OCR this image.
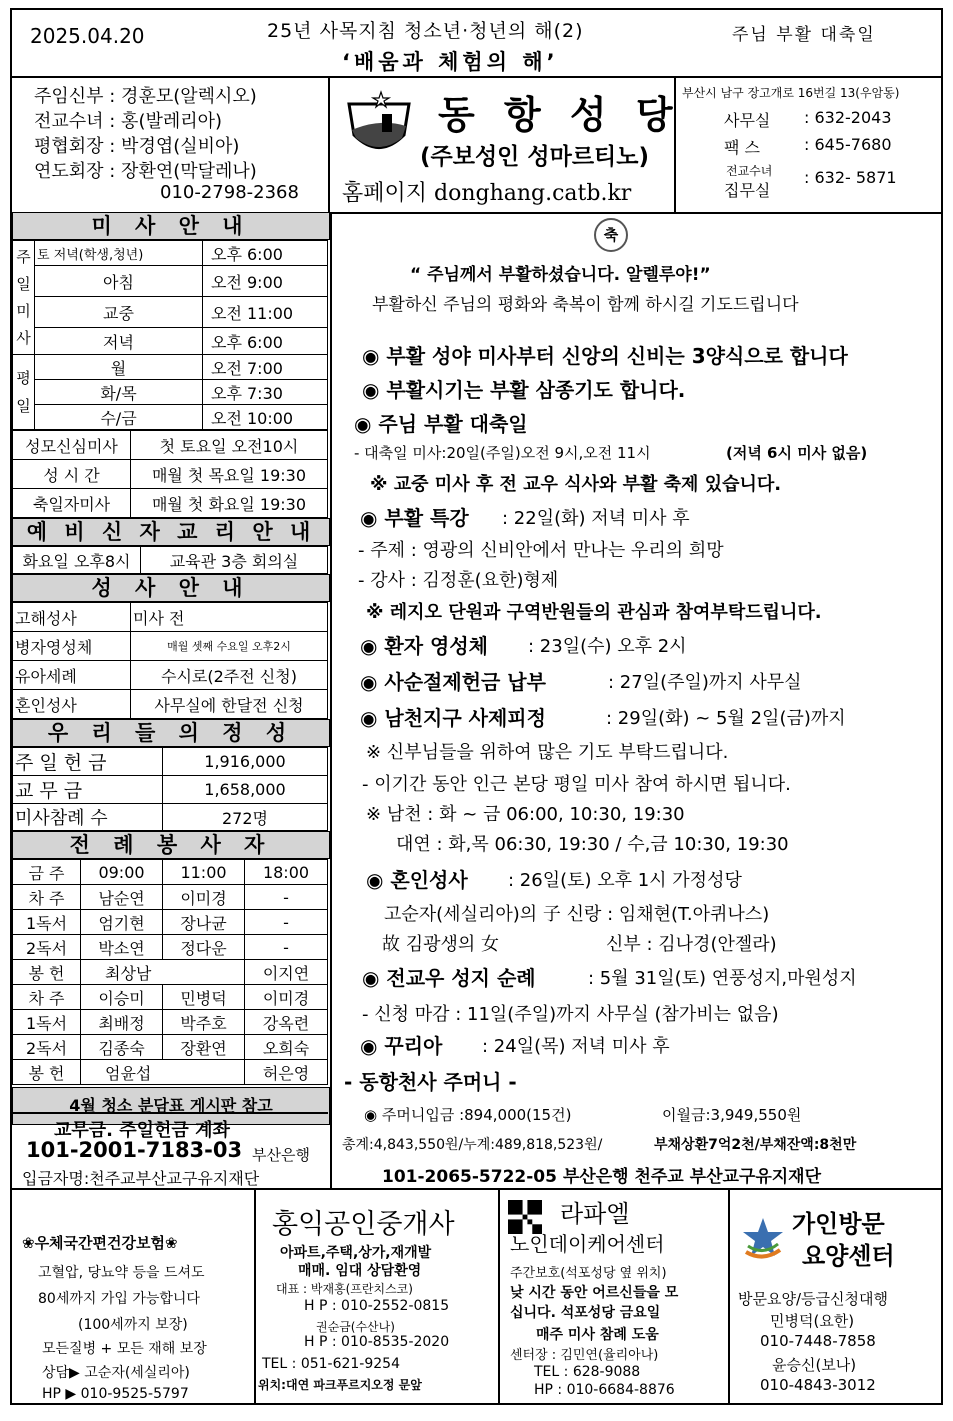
2025.04.20	25년 사목지침 청소년·청년의 해(2)
‘배움과 체험의 해’
주님 부활 대축일
주임신부 : 경훈모(알렉시오)
전교수녀 : 홍(발레리아)
평협회장 : 박경엽(실비아)
연도회장 : 장환연(막달레나)
010-2798-2368
동 항 성 당
(주보성인 성마르티노)
홈페이지 donghang.catb.kr
부산시 남구 장고개로 16번길 13(우암동)
사무실 : 632-2043
팩 스	: 645-7680
전교수녀
집무실
: 632- 5871
미 사 안 내
주일미사	토 저녁(학생,청년)	오후 6:00
	아침	오전 9:00
	교중	오전 11:00
	저녁	오후 6:00
평일	월	오전 7:00
	화/목	오후 7:30
	수/금	오전 10:00
성모신심미사	첫 토요일 오전10시
성 시 간	매월 첫 목요일 19:30
축일자미사	매월 첫 화요일 19:30
예 비 신 자 교 리 안 내
화요일 오후8시	교육관 3층 회의실
성 사 안 내
고해성사	미사 전
병자영성체	매월 셋째 수요일 오후2시
유아세례	수시로(2주전 신청)
혼인성사	사무실에 한달전 신청
우 리 들 의 정 성
주 일 헌 금	1,916,000
교 무 금	1,658,000
미사참례 수	272명
전 례 봉 사 자
금 주	09:00	11:00	18:00
차 주	남순연	이미경	-
1독서	엄기현	장나균	-
2독서	박소연	정다운	-
봉 헌	최상남		이지연
차 주	이승미	민병덕	이미경
1독서	최배정	박주호	강옥련
2독서	김종숙	장환연	오희숙
봉 헌	엄윤섭		허은영
4월 청소 분담표 게시판 참고
교무금. 주일헌금 계좌
101-2001-7183-03 부산은행
입금자명:천주교부산교구유지재단
축
“ 주님께서 부활하셨습니다. 알렐루야!”
부활하신 주님의 평화와 축복이 함께 하시길 기도드립니다
◉ 부활 성야 미사부터 신앙의 신비는 3양식으로 합니다
◉ 부활시기는 부활 삼종기도 합니다.
◉ 주님 부활 대축일
- 대축일 미사:20일(주일)오전 9시,오전 11시	(저녁 6시 미사 없음)
※ 교중 미사 후 전 교우 식사와 부활 축제 있습니다.
◉ 부활 특강 : 22일(화) 저녁 미사 후
- 주제 : 영광의 신비안에서 만나는 우리의 희망
- 강사 : 김정훈(요한)형제
※ 레지오 단원과 구역반원들의 관심과 참여부탁드립니다.
◉ 환자 영성체 : 23일(수) 오후 2시
◉ 사순절제헌금 납부	: 27일(주일)까지 사무실
◉ 남천지구 사제피정	: 29일(화) ~ 5월 2일(금)까지
※ 신부님들을 위하여 많은 기도 부탁드립니다.
- 이기간 동안 인근 본당 평일 미사 참여 하시면 됩니다.
※ 남천 : 화 ~ 금 06:00, 10:30, 19:30
대연 : 화,목 06:30, 19:30 / 수,금 10:30, 19:30
◉ 혼인성사 : 26일(토) 오후 1시 가정성당
고순자(세실리아)의 子 신랑 : 임채현(T.아퀴나스)
故 김광생의 女	신부 : 김나경(안젤라)
◉ 전교우 성지 순례	: 5월 31일(토) 연풍성지,마원성지
- 신청 마감 : 11일(주일)까지 사무실 (참가비는 없음)
◉ 꾸리아 : 24일(목) 저녁 미사 후
- 동항천사 주머니 -
◉ 주머니입금 :894,000(15건)	이월금:3,949,550원
총계:4,843,550원/누계:489,818,523원/	부채상환7억2천/부채잔액:8천만
101-2065-5722-05 부산은행 천주교 부산교구유지재단
❀우체국간편건강보험❀
고혈압, 당뇨약 등을 드셔도
80세까지 가입 가능합니다
(100세까지 보장)
모든질병 + 모든 재해 보장
상담▶ 고순자(세실리아)
HP ▶ 010-9525-5797
홍익공인중개사
아파트,주택,상가,재개발
매매. 임대 상담환영
대표 : 박재홍(프란치스코)
H P : 010-2552-0815
권순금(수산나)
H P : 010-8535-2020
TEL : 051-621-9254
위치:대연 파크푸르지오정 문앞
라파엘
노인데이케어센터
주간보호(석포성당 옆 위치)
낮 시간 동안 어르신들을 모
십니다. 석포성당 금요일
매주 미사 참례 도움
센터장 : 김민연(율리아나)
TEL : 628-9088
HP : 010-6684-8876
가인방문
요양센터
방문요양/등급신청대행
민병덕(요한)
010-7448-7858
윤승신(보나)
010-4843-3012
